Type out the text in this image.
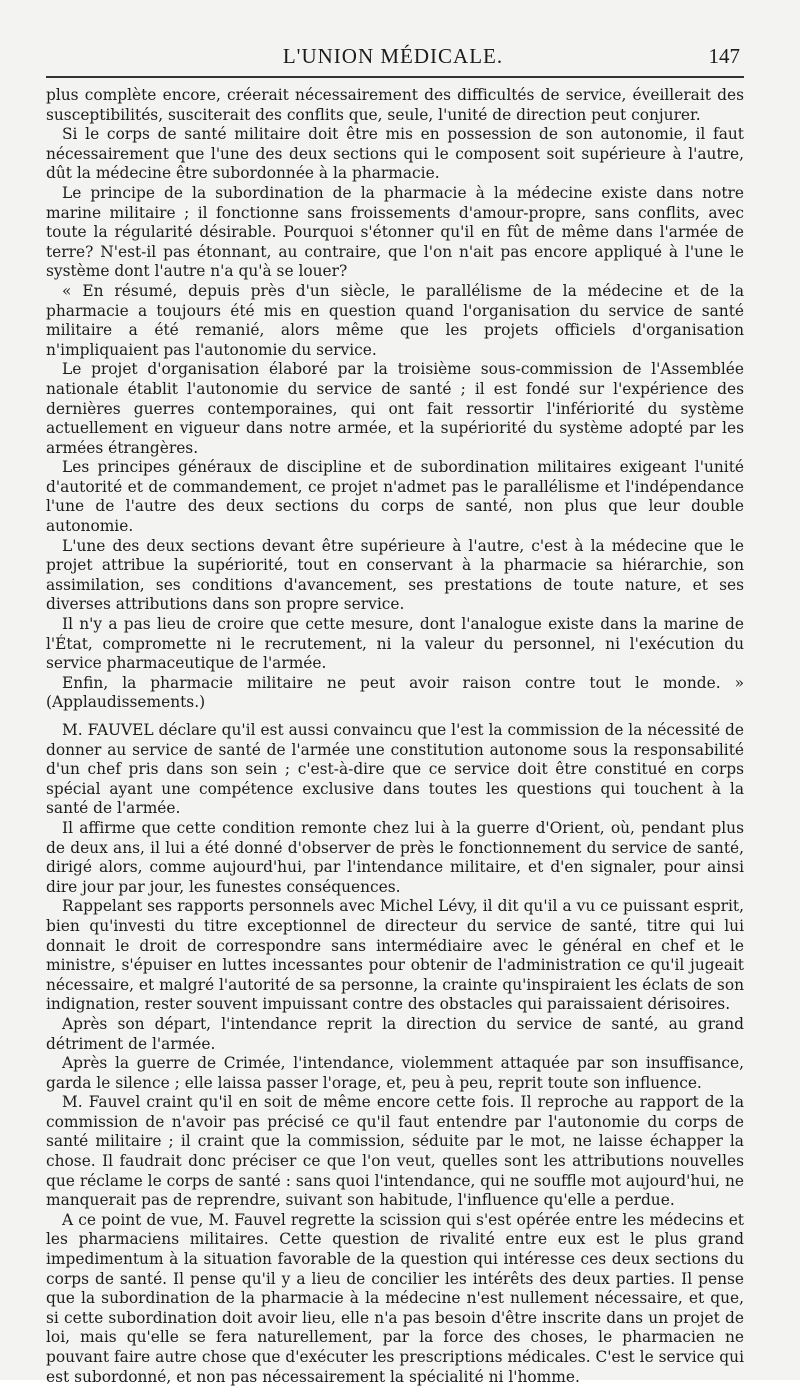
L'UNION MÉDICALE.	147

plus complète encore, créerait nécessairement des difficultés de service, éveillerait des susceptibilités, susciterait des conflits que, seule, l'unité de direction peut conjurer.

Si le corps de santé militaire doit être mis en possession de son autonomie, il faut nécessairement que l'une des deux sections qui le composent soit supérieure à l'autre, dût la médecine être subordonnée à la pharmacie.

Le principe de la subordination de la pharmacie à la médecine existe dans notre marine militaire ; il fonctionne sans froissements d'amour-propre, sans conflits, avec toute la régularité désirable. Pourquoi s'étonner qu'il en fût de même dans l'armée de terre? N'est-il pas étonnant, au contraire, que l'on n'ait pas encore appliqué à l'une le système dont l'autre n'a qu'à se louer?

« En résumé, depuis près d'un siècle, le parallélisme de la médecine et de la pharmacie a toujours été mis en question quand l'organisation du service de santé militaire a été remanié, alors même que les projets officiels d'organisation n'impliquaient pas l'autonomie du service.

Le projet d'organisation élaboré par la troisième sous-commission de l'Assemblée nationale établit l'autonomie du service de santé ; il est fondé sur l'expérience des dernières guerres contemporaines, qui ont fait ressortir l'infériorité du système actuellement en vigueur dans notre armée, et la supériorité du système adopté par les armées étrangères.

Les principes généraux de discipline et de subordination militaires exigeant l'unité d'autorité et de commandement, ce projet n'admet pas le parallélisme et l'indépendance l'une de l'autre des deux sections du corps de santé, non plus que leur double autonomie.

L'une des deux sections devant être supérieure à l'autre, c'est à la médecine que le projet attribue la supériorité, tout en conservant à la pharmacie sa hiérarchie, son assimilation, ses conditions d'avancement, ses prestations de toute nature, et ses diverses attributions dans son propre service.

Il n'y a pas lieu de croire que cette mesure, dont l'analogue existe dans la marine de l'État, compromette ni le recrutement, ni la valeur du personnel, ni l'exécution du service pharmaceutique de l'armée.

Enfin, la pharmacie militaire ne peut avoir raison contre tout le monde. » (Applaudissements.)

M. FAUVEL déclare qu'il est aussi convaincu que l'est la commission de la nécessité de donner au service de santé de l'armée une constitution autonome sous la responsabilité d'un chef pris dans son sein ; c'est-à-dire que ce service doit être constitué en corps spécial ayant une compétence exclusive dans toutes les questions qui touchent à la santé de l'armée.

Il affirme que cette condition remonte chez lui à la guerre d'Orient, où, pendant plus de deux ans, il lui a été donné d'observer de près le fonctionnement du service de santé, dirigé alors, comme aujourd'hui, par l'intendance militaire, et d'en signaler, pour ainsi dire jour par jour, les funestes conséquences.

Rappelant ses rapports personnels avec Michel Lévy, il dit qu'il a vu ce puissant esprit, bien qu'investi du titre exceptionnel de directeur du service de santé, titre qui lui donnait le droit de correspondre sans intermédiaire avec le général en chef et le ministre, s'épuiser en luttes incessantes pour obtenir de l'administration ce qu'il jugeait nécessaire, et malgré l'autorité de sa personne, la crainte qu'inspiraient les éclats de son indignation, rester souvent impuissant contre des obstacles qui paraissaient dérisoires.

Après son départ, l'intendance reprit la direction du service de santé, au grand détriment de l'armée.

Après la guerre de Crimée, l'intendance, violemment attaquée par son insuffisance, garda le silence ; elle laissa passer l'orage, et, peu à peu, reprit toute son influence.

M. Fauvel craint qu'il en soit de même encore cette fois. Il reproche au rapport de la commission de n'avoir pas précisé ce qu'il faut entendre par l'autonomie du corps de santé militaire ; il craint que la commission, séduite par le mot, ne laisse échapper la chose. Il faudrait donc préciser ce que l'on veut, quelles sont les attributions nouvelles que réclame le corps de santé : sans quoi l'intendance, qui ne souffle mot aujourd'hui, ne manquerait pas de reprendre, suivant son habitude, l'influence qu'elle a perdue.

A ce point de vue, M. Fauvel regrette la scission qui s'est opérée entre les médecins et les pharmaciens militaires. Cette question de rivalité entre eux est le plus grand impedimentum à la situation favorable de la question qui intéresse ces deux sections du corps de santé. Il pense qu'il y a lieu de concilier les intérêts des deux parties. Il pense que la subordination de la pharmacie à la médecine n'est nullement nécessaire, et que, si cette subordination doit avoir lieu, elle n'a pas besoin d'être inscrite dans un projet de loi, mais qu'elle se fera naturellement, par la force des choses, le pharmacien ne pouvant faire autre chose que d'exécuter les prescriptions médicales. C'est le service qui est subordonné, et non pas nécessairement la spécialité ni l'homme.
